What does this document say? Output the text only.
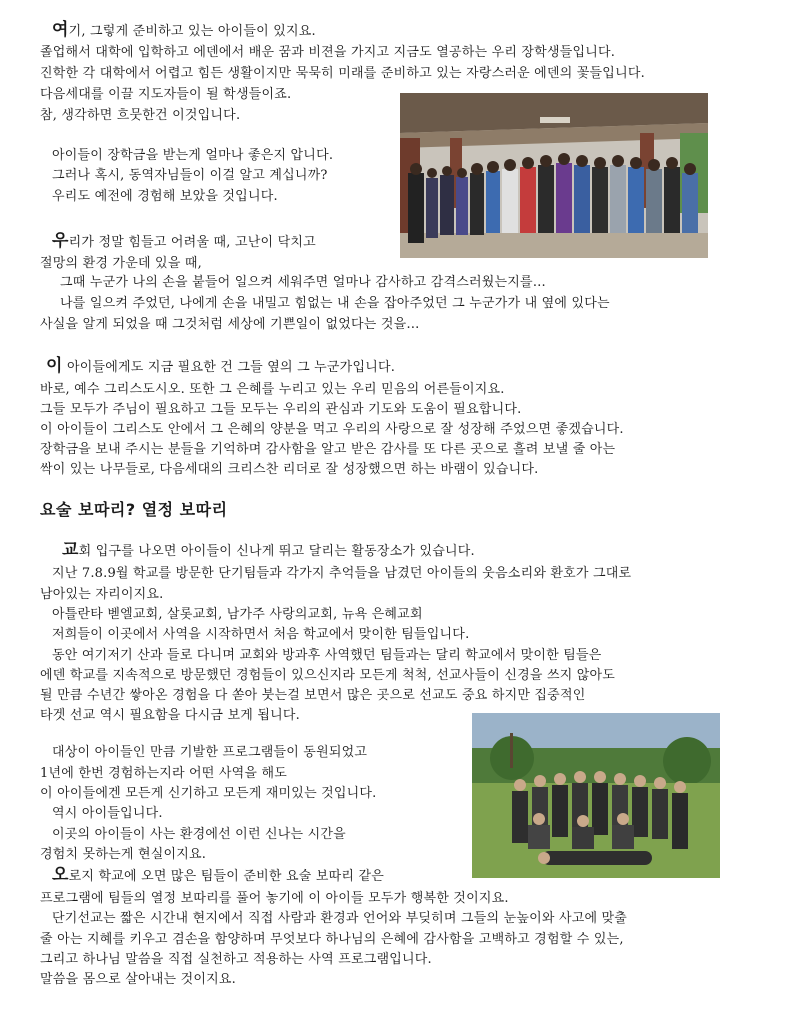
여기, 그렇게 준비하고 있는 아이들이 있지요.
졸업해서 대학에 입학하고 에덴에서 배운 꿈과 비젼을 가지고 지금도 열공하는 우리 장학생들입니다.
진학한 각 대학에서 어렵고 힘든 생활이지만 묵묵히 미래를 준비하고 있는 자랑스러운 에덴의 꽃들입니다.
다음세대를 이끌 지도자들이 될 학생들이죠.
참, 생각하면 흐뭇한건 이것입니다.
아이들이 장학금을 받는게 얼마나 좋은지 압니다.
그러나 혹시, 동역자님들이 이걸 알고 계십니까?
우리도 예전에 경험해 보았을 것입니다.
우리가 정말 힘들고 어려울 때, 고난이 닥치고
절망의 환경 가운데 있을 때,
그때 누군가 나의 손을 붙들어 일으켜 세워주면 얼마나 감사하고 감격스러웠는지를…
나를 일으켜 주었던, 나에게 손을 내밀고 힘없는 내 손을 잡아주었던 그 누군가가 내 옆에 있다는
사실을 알게 되었을 때 그것처럼 세상에 기쁜일이 없었다는 것을…
이 아이들에게도 지금 필요한 건 그들 옆의 그 누군가입니다.
바로, 예수 그리스도시오. 또한 그 은혜를 누리고 있는 우리 믿음의 어른들이지요.
그들 모두가 주님이 필요하고 그들 모두는 우리의 관심과 기도와 도움이 필요합니다.
이 아이들이 그리스도 안에서 그 은혜의 양분을 먹고 우리의 사랑으로 잘 성장해 주었으면 좋겠습니다.
장학금을 보내 주시는 분들을 기억하며 감사함을 알고 받은 감사를 또 다른 곳으로 흘려 보낼 줄 아는
싹이 있는 나무들로, 다음세대의 크리스찬 리더로 잘 성장했으면 하는 바램이 있습니다.
요술 보따리? 열정 보따리
교회 입구를 나오면 아이들이 신나게 뛰고 달리는 활동장소가 있습니다.
지난 7.8.9월 학교를 방문한 단기팀들과 각가지 추억들을 남겼던 아이들의 웃음소리와 환호가 그대로
남아있는 자리이지요.
아틀란타 벧엘교회, 살롯교회, 남가주 사랑의교회, 뉴욕 은혜교회
저희들이 이곳에서 사역을 시작하면서 처음 학교에서 맞이한 팀들입니다.
동안 여기저기 산과 들로 다니며 교회와 방과후 사역했던 팀들과는 달리 학교에서 맞이한 팀들은
에덴 학교를 지속적으로 방문했던 경험들이 있으신지라 모든게 척척, 선교사들이 신경을 쓰지 않아도
될 만큼 수년간 쌓아온 경험을 다 쏟아 붓는걸 보면서 많은 곳으로 선교도 중요 하지만 집중적인
타겟 선교 역시 필요함을 다시금 보게 됩니다.
대상이 아이들인 만큼 기발한 프로그램들이 동원되었고
1년에 한번 경험하는지라 어떤 사역을 해도
이 아이들에겐 모든게 신기하고 모든게 재미있는 것입니다.
역시 아이들입니다.
이곳의 아이들이 사는 환경에선 이런 신나는 시간을
경험치 못하는게 현실이지요.
오로지 학교에 오면 많은 팀들이 준비한 요술 보따리 같은
프로그램에 팀들의 열정 보따리를 풀어 놓기에 이 아이들 모두가 행복한 것이지요.
단기선교는 짧은 시간내 현지에서 직접 사람과 환경과 언어와 부딪히며 그들의 눈높이와 사고에 맞출
줄 아는 지혜를 키우고 겸손을 함양하며 무엇보다 하나님의 은혜에 감사함을 고백하고 경험할 수 있는,
그리고 하나님 말씀을 직접 실천하고 적용하는 사역 프로그램입니다.
말씀을 몸으로 살아내는 것이지요.
